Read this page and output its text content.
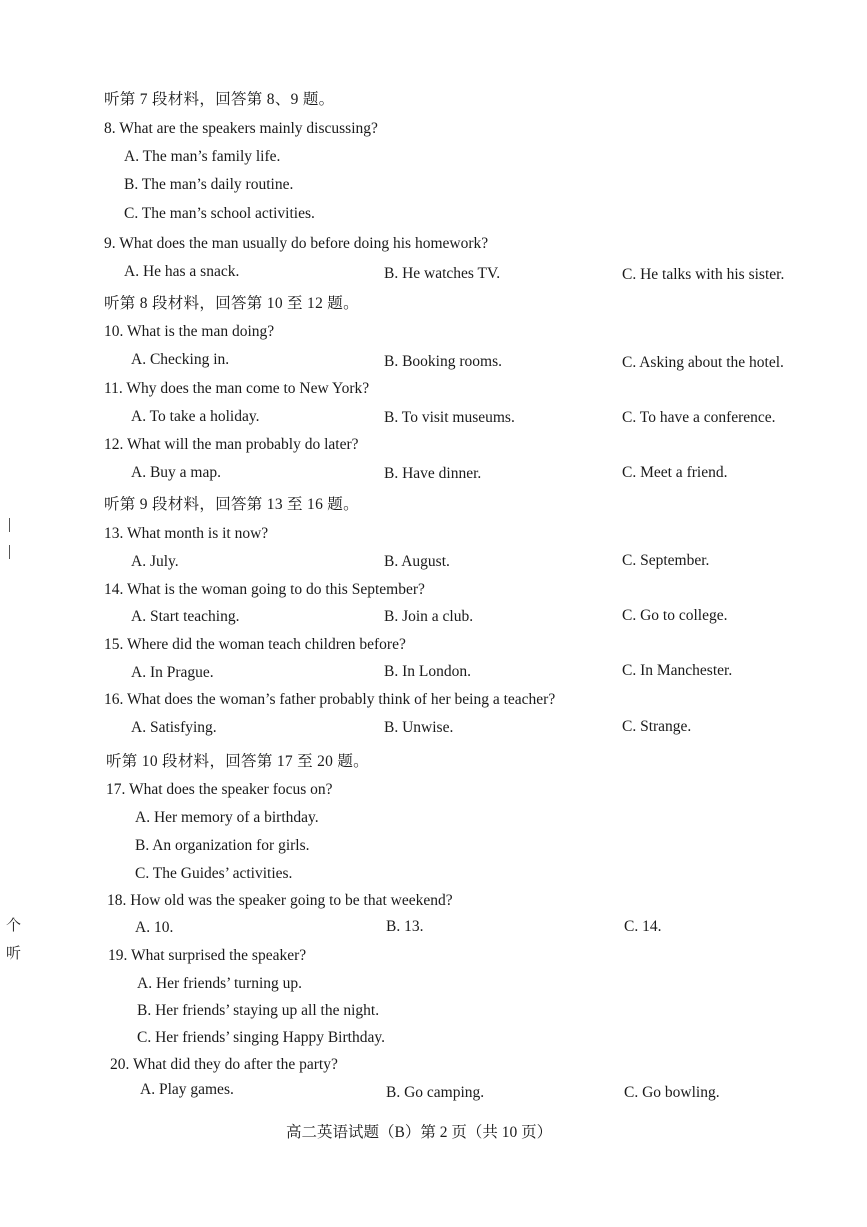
听第 7 段材料，回答第 8、9 题。
8. What are the speakers mainly discussing?
A. The man’s family life.
B. The man’s daily routine.
C. The man’s school activities.
9. What does the man usually do before doing his homework?
A. He has a snack.	B. He watches TV.	C. He talks with his sister.
听第 8 段材料，回答第 10 至 12 题。
10. What is the man doing?
A. Checking in.	B. Booking rooms.	C. Asking about the hotel.
11. Why does the man come to New York?
A. To take a holiday.	B. To visit museums.	C. To have a conference.
12. What will the man probably do later?
A. Buy a map.	B. Have dinner.	C. Meet a friend.
听第 9 段材料，回答第 13 至 16 题。
13. What month is it now?
A. July.	B. August.	C. September.
14. What is the woman going to do this September?
A. Start teaching.	B. Join a club.	C. Go to college.
15. Where did the woman teach children before?
A. In Prague.	B. In London.	C. In Manchester.
16. What does the woman’s father probably think of her being a teacher?
A. Satisfying.	B. Unwise.	C. Strange.
听第 10 段材料，回答第 17 至 20 题。
17. What does the speaker focus on?
A. Her memory of a birthday.
B. An organization for girls.
C. The Guides’ activities.
18. How old was the speaker going to be that weekend?
A. 10.	B. 13.	C. 14.
19. What surprised the speaker?
A. Her friends’ turning up.
B. Her friends’ staying up all the night.
C. Her friends’ singing Happy Birthday.
20. What did they do after the party?
A. Play games.	B. Go camping.	C. Go bowling.
个
听
高二英语试题（B）第 2 页（共 10 页）
